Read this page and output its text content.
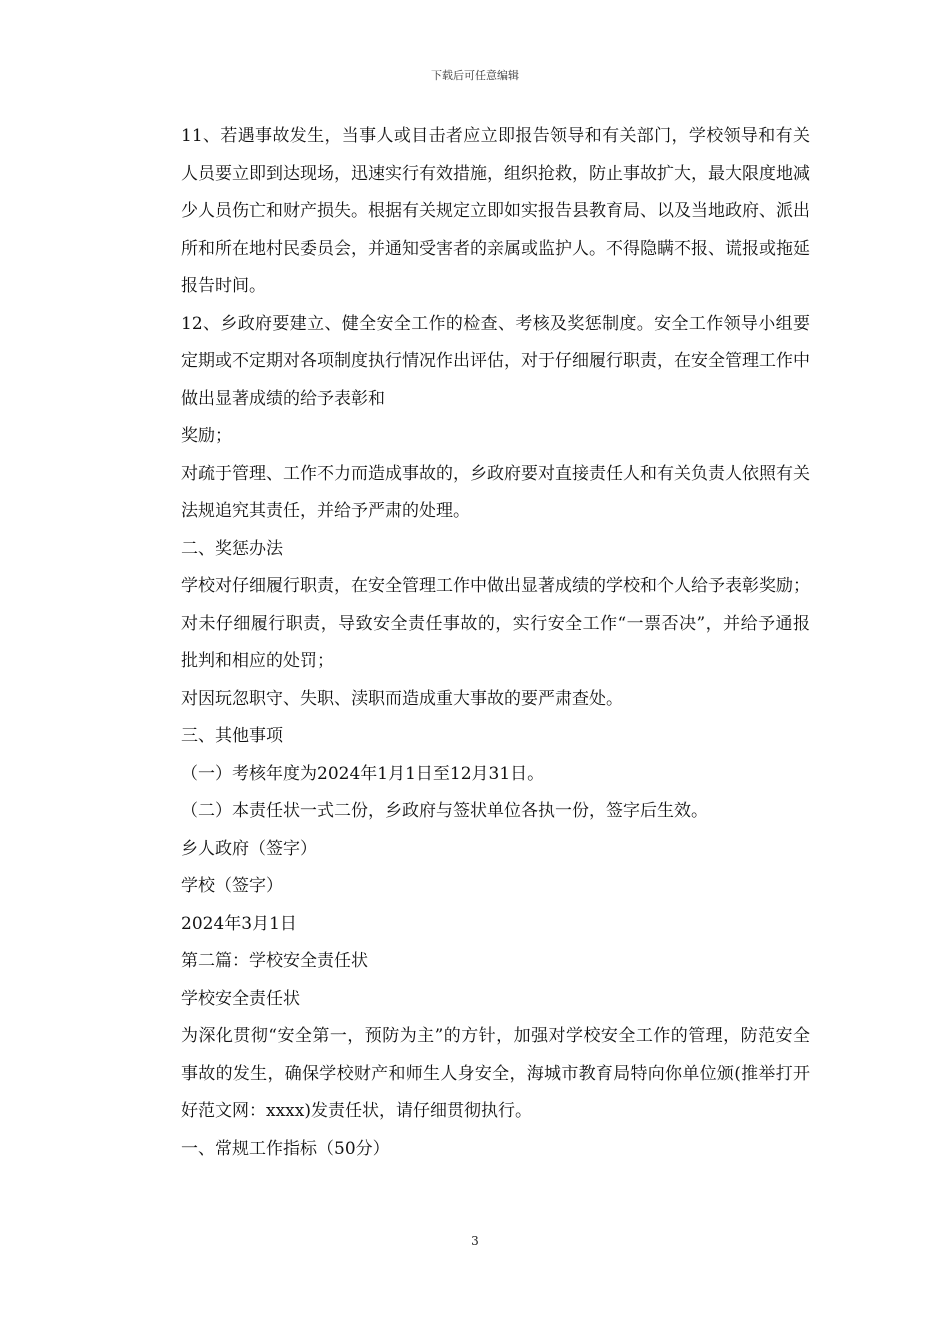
下载后可任意编辑

11、若遇事故发生，当事人或目击者应立即报告领导和有关部门，学校领导和有关人员要立即到达现场，迅速实行有效措施，组织抢救，防止事故扩大，最大限度地减少人员伤亡和财产损失。根据有关规定立即如实报告县教育局、以及当地政府、派出所和所在地村民委员会，并通知受害者的亲属或监护人。不得隐瞒不报、谎报或拖延报告时间。

12、乡政府要建立、健全安全工作的检查、考核及奖惩制度。安全工作领导小组要定期或不定期对各项制度执行情况作出评估，对于仔细履行职责，在安全管理工作中做出显著成绩的给予表彰和

奖励；

对疏于管理、工作不力而造成事故的，乡政府要对直接责任人和有关负责人依照有关法规追究其责任，并给予严肃的处理。

二、奖惩办法

学校对仔细履行职责，在安全管理工作中做出显著成绩的学校和个人给予表彰奖励；

对未仔细履行职责，导致安全责任事故的，实行安全工作“一票否决”，并给予通报批判和相应的处罚；

对因玩忽职守、失职、渎职而造成重大事故的要严肃查处。

三、其他事项

（一）考核年度为2024年1月1日至12月31日。

（二）本责任状一式二份，乡政府与签状单位各执一份，签字后生效。

乡人政府（签字）

学校（签字）

2024年3月1日

第二篇：学校安全责任状

学校安全责任状

为深化贯彻“安全第一，预防为主”的方针，加强对学校安全工作的管理，防范安全事故的发生，确保学校财产和师生人身安全，海城市教育局特向你单位颁(推举打开好范文网：xxxx)发责任状，请仔细贯彻执行。

一、常规工作指标（50分）

3
